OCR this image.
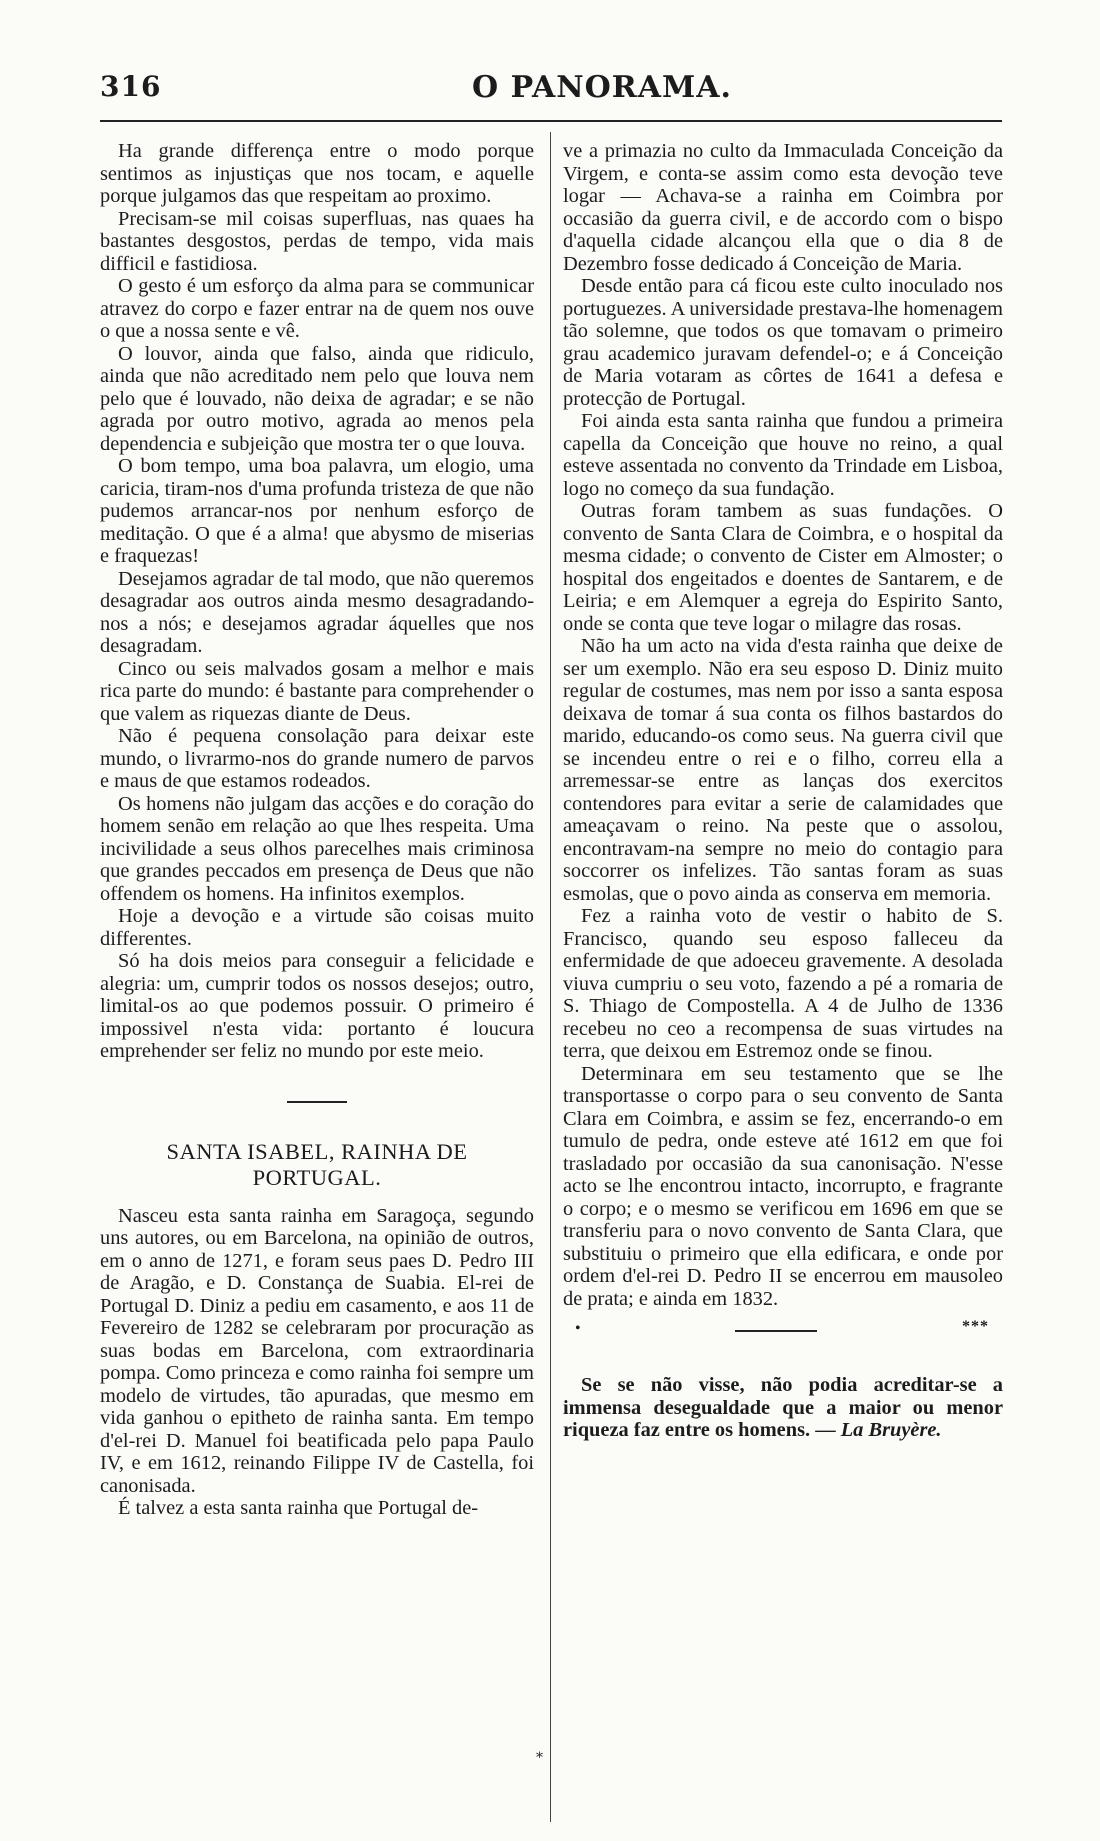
316	O PANORAMA.

Ha grande differença entre o modo porque sentimos as injustiças que nos tocam, e aquelle porque julgamos das que respeitam ao proximo.

Precisam-se mil coisas superfluas, nas quaes ha bastantes desgostos, perdas de tempo, vida mais difficil e fastidiosa.

O gesto é um esforço da alma para se communicar atravez do corpo e fazer entrar na de quem nos ouve o que a nossa sente e vê.

O louvor, ainda que falso, ainda que ridiculo, ainda que não acreditado nem pelo que louva nem pelo que é louvado, não deixa de agradar; e se não agrada por outro motivo, agrada ao menos pela dependencia e subjeição que mostra ter o que louva.

O bom tempo, uma boa palavra, um elogio, uma caricia, tiram-nos d'uma profunda tristeza de que não pudemos arrancar-nos por nenhum esforço de meditação. O que é a alma! que abysmo de miserias e fraquezas!

Desejamos agradar de tal modo, que não queremos desagradar aos outros ainda mesmo desagradando-nos a nós; e desejamos agradar áquelles que nos desagradam.

Cinco ou seis malvados gosam a melhor e mais rica parte do mundo: é bastante para comprehender o que valem as riquezas diante de Deus.

Não é pequena consolação para deixar este mundo, o livrarmo-nos do grande numero de parvos e maus de que estamos rodeados.

Os homens não julgam das acções e do coração do homem senão em relação ao que lhes respeita. Uma incivilidade a seus olhos parecelhes mais criminosa que grandes peccados em presença de Deus que não offendem os homens. Ha infinitos exemplos.

Hoje a devoção e a virtude são coisas muito differentes.

Só ha dois meios para conseguir a felicidade e alegria: um, cumprir todos os nossos desejos; outro, limital-os ao que podemos possuir. O primeiro é impossivel n'esta vida: portanto é loucura emprehender ser feliz no mundo por este meio.

SANTA ISABEL, RAINHA DE PORTUGAL.

Nasceu esta santa rainha em Saragoça, segundo uns autores, ou em Barcelona, na opinião de outros, em o anno de 1271, e foram seus paes D. Pedro III de Aragão, e D. Constança de Suabia. El-rei de Portugal D. Diniz a pediu em casamento, e aos 11 de Fevereiro de 1282 se celebraram por procuração as suas bodas em Barcelona, com extraordinaria pompa. Como princeza e como rainha foi sempre um modelo de virtudes, tão apuradas, que mesmo em vida ganhou o epitheto de rainha santa. Em tempo d'el-rei D. Manuel foi beatificada pelo papa Paulo IV, e em 1612, reinando Filippe IV de Castella, foi canonisada.

É talvez a esta santa rainha que Portugal de-

ve a primazia no culto da Immaculada Conceição da Virgem, e conta-se assim como esta devoção teve logar — Achava-se a rainha em Coimbra por occasião da guerra civil, e de accordo com o bispo d'aquella cidade alcançou ella que o dia 8 de Dezembro fosse dedicado á Conceição de Maria.

Desde então para cá ficou este culto inoculado nos portuguezes. A universidade prestava-lhe homenagem tão solemne, que todos os que tomavam o primeiro grau academico juravam defendel-o; e á Conceição de Maria votaram as côrtes de 1641 a defesa e protecção de Portugal.

Foi ainda esta santa rainha que fundou a primeira capella da Conceição que houve no reino, a qual esteve assentada no convento da Trindade em Lisboa, logo no começo da sua fundação.

Outras foram tambem as suas fundações. O convento de Santa Clara de Coimbra, e o hospital da mesma cidade; o convento de Cister em Almoster; o hospital dos engeitados e doentes de Santarem, e de Leiria; e em Alemquer a egreja do Espirito Santo, onde se conta que teve logar o milagre das rosas.

Não ha um acto na vida d'esta rainha que deixe de ser um exemplo. Não era seu esposo D. Diniz muito regular de costumes, mas nem por isso a santa esposa deixava de tomar á sua conta os filhos bastardos do marido, educando-os como seus. Na guerra civil que se incendeu entre o rei e o filho, correu ella a arremessar-se entre as lanças dos exercitos contendores para evitar a serie de calamidades que ameaçavam o reino. Na peste que o assolou, encontravam-na sempre no meio do contagio para soccorrer os infelizes. Tão santas foram as suas esmolas, que o povo ainda as conserva em memoria.

Fez a rainha voto de vestir o habito de S. Francisco, quando seu esposo falleceu da enfermidade de que adoeceu gravemente. A desolada viuva cumpriu o seu voto, fazendo a pé a romaria de S. Thiago de Compostella. A 4 de Julho de 1336 recebeu no ceo a recompensa de suas virtudes na terra, que deixou em Estremoz onde se finou.

Determinara em seu testamento que se lhe transportasse o corpo para o seu convento de Santa Clara em Coimbra, e assim se fez, encerrando-o em tumulo de pedra, onde esteve até 1612 em que foi trasladado por occasião da sua canonisação. N'esse acto se lhe encontrou intacto, incorrupto, e fragrante o corpo; e o mesmo se verificou em 1696 em que se transferiu para o novo convento de Santa Clara, que substituiu o primeiro que ella edificara, e onde por ordem d'el-rei D. Pedro II se encerrou em mausoleo de prata; e ainda em 1832.

•	***

Se se não visse, não podia acreditar-se a immensa desegualdade que a maior ou menor riqueza faz entre os homens. — La Bruyère.

*
